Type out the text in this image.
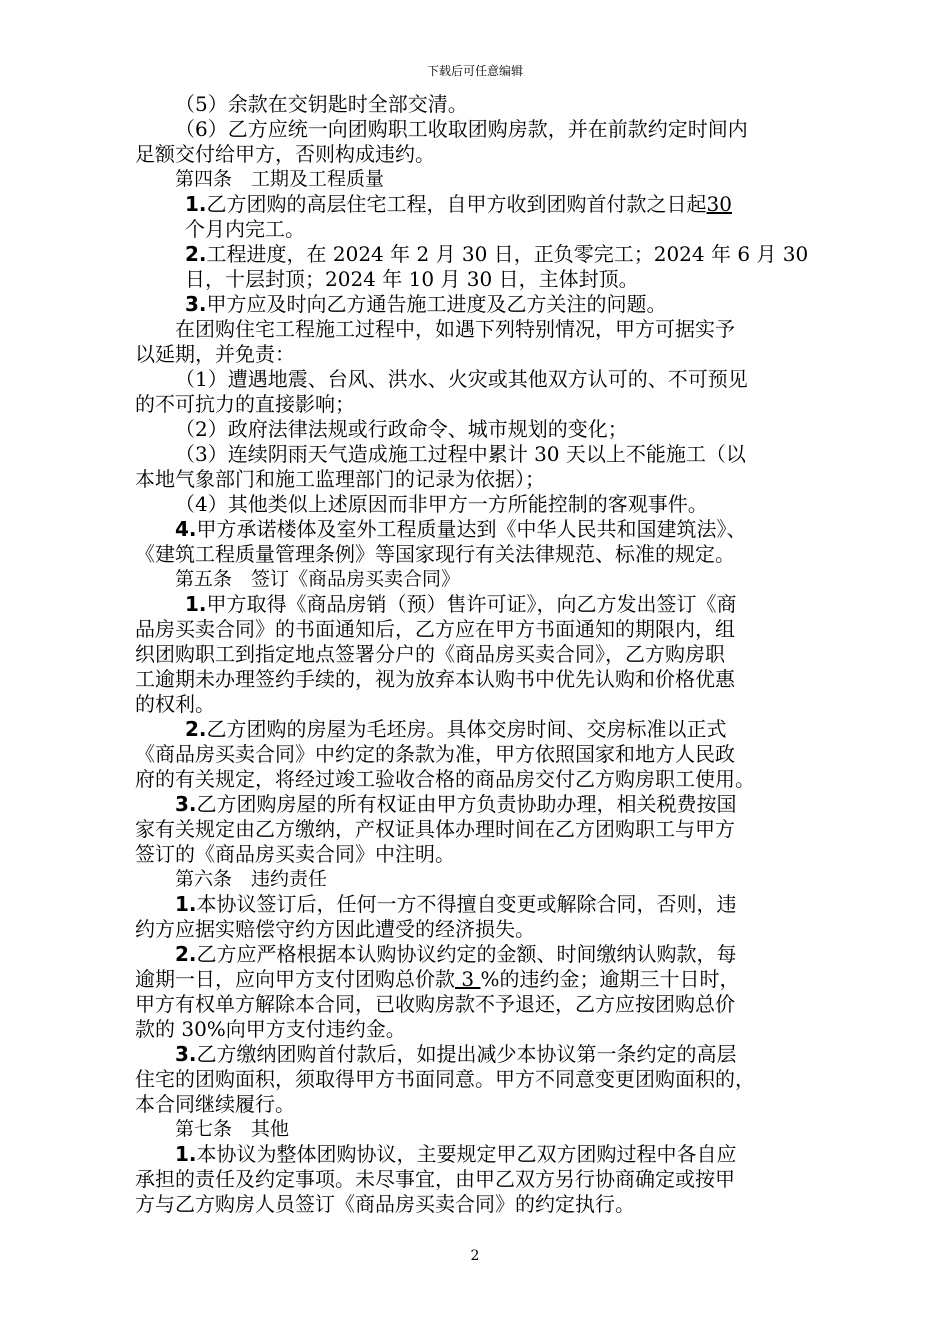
下载后可任意编辑
（5）余款在交钥匙时全部交清。
（6）乙方应统一向团购职工收取团购房款，并在前款约定时间内
足额交付给甲方，否则构成违约。
第四条　工期及工程质量
1.乙方团购的高层住宅工程，自甲方收到团购首付款之日起30
个月内完工。
2.工程进度，在 2024 年 2 月 30 日，正负零完工；2024 年 6 月 30
日，十层封顶；2024 年 10 月 30 日，主体封顶。
3.甲方应及时向乙方通告施工进度及乙方关注的问题。
在团购住宅工程施工过程中，如遇下列特别情况，甲方可据实予
以延期，并免责：
（1）遭遇地震、台风、洪水、火灾或其他双方认可的、不可预见
的不可抗力的直接影响；
（2）政府法律法规或行政命令、城市规划的变化；
（3）连续阴雨天气造成施工过程中累计 30 天以上不能施工（以
本地气象部门和施工监理部门的记录为依据）；
（4）其他类似上述原因而非甲方一方所能控制的客观事件。
4.甲方承诺楼体及室外工程质量达到《中华人民共和国建筑法》、
《建筑工程质量管理条例》等国家现行有关法律规范、标准的规定。
第五条　签订《商品房买卖合同》
1.甲方取得《商品房销（预）售许可证》，向乙方发出签订《商
品房买卖合同》的书面通知后，乙方应在甲方书面通知的期限内，组
织团购职工到指定地点签署分户的《商品房买卖合同》，乙方购房职
工逾期未办理签约手续的，视为放弃本认购书中优先认购和价格优惠
的权利。
2.乙方团购的房屋为毛坯房。具体交房时间、交房标准以正式
《商品房买卖合同》中约定的条款为准，甲方依照国家和地方人民政
府的有关规定，将经过竣工验收合格的商品房交付乙方购房职工使用。
3.乙方团购房屋的所有权证由甲方负责协助办理，相关税费按国
家有关规定由乙方缴纳，产权证具体办理时间在乙方团购职工与甲方
签订的《商品房买卖合同》中注明。
第六条　违约责任
1.本协议签订后，任何一方不得擅自变更或解除合同，否则，违
约方应据实赔偿守约方因此遭受的经济损失。
2.乙方应严格根据本认购协议约定的金额、时间缴纳认购款，每
逾期一日，应向甲方支付团购总价款 3 %的违约金；逾期三十日时，
甲方有权单方解除本合同，已收购房款不予退还，乙方应按团购总价
款的 30%向甲方支付违约金。
3.乙方缴纳团购首付款后，如提出减少本协议第一条约定的高层
住宅的团购面积，须取得甲方书面同意。甲方不同意变更团购面积的，
本合同继续履行。
第七条　其他
1.本协议为整体团购协议，主要规定甲乙双方团购过程中各自应
承担的责任及约定事项。未尽事宜，由甲乙双方另行协商确定或按甲
方与乙方购房人员签订《商品房买卖合同》的约定执行。
2
